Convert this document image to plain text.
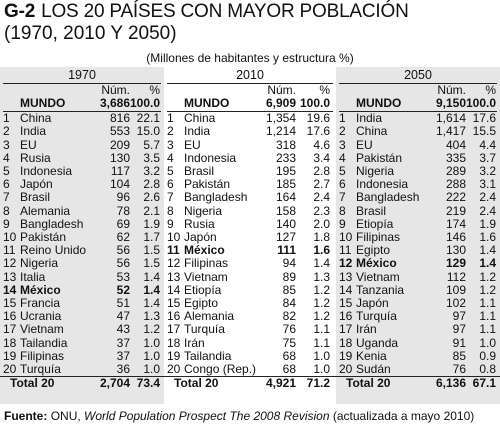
G-2 LOS 20 PAÍSES CON MAYOR POBLACIÓN
(1970, 2010 Y 2050)
(Millones de habitantes y estructura %)
1970
Núm. %
MUNDO	3,686 100.0
1 China	816 22.1
2 India	553 15.0
3 EU	209 5.7
4 Rusia	130 3.5
5 Indonesia	117 3.2
6 Japón	104 2.8
7 Brasil	96 2.6
8 Alemania	78 2.1
9 Bangladesh	69 1.9
10 Pakistán	62 1.7
11 Reino Unido	56 1.5
12 Nigeria	56 1.5
13 Italia	53 1.4
14 México	52 1.4
15 Francia	51 1.4
16 Ucrania	47 1.3
17 Vietnam	43 1.2
18 Tailandia	37 1.0
19 Filipinas	37 1.0
20 Turquía	36 1.0
Total 20	2,704 73.4
2010
Núm. %
MUNDO	6,909 100.0
1 China	1,354 19.6
2 India	1,214 17.6
3 EU	318 4.6
4 Indonesia	233 3.4
5 Brasil	195 2.8
6 Pakistán	185 2.7
7 Bangladesh 164 2.4
8 Nigeria	158 2.3
9 Rusia	140 2.0
10 Japón	127 1.8
11 México	111 1.6
12 Filipinas	94 1.4
13 Vietnam	89 1.3
14 Etiopía	85 1.2
15 Egipto	84 1.2
16 Alemania	82 1.2
17 Turquía	76 1.1
18 Irán	75 1.1
19 Tailandia	68 1.0
20 Congo (Rep.) 68 1.0
Total 20	4,921 71.2
2050
Núm. %
MUNDO	9,150 100.0
1 India	1,614 17.6
2 China	1,417 15.5
3 EU	404 4.4
4 Pakistán	335 3.7
5 Nigeria	289 3.2
6 Indonesia	288 3.1
7 Bangladesh 222 2.4
8 Brasil	219 2.4
9 Etiopía	174 1.9
10 Filipinas	146 1.6
11 Egipto	130 1.4
12 México	129 1.4
13 Vietnam	112 1.2
14 Tanzania	109 1.2
15 Japón	102 1.1
16 Turquía	97 1.1
17 Irán	97 1.1
18 Uganda	91 1.0
19 Kenia	85 0.9
20 Sudán	76 0.8
Total 20	6,136 67.1
Fuente: ONU, World Population Prospect The 2008 Revision (actualizada a mayo 2010)
